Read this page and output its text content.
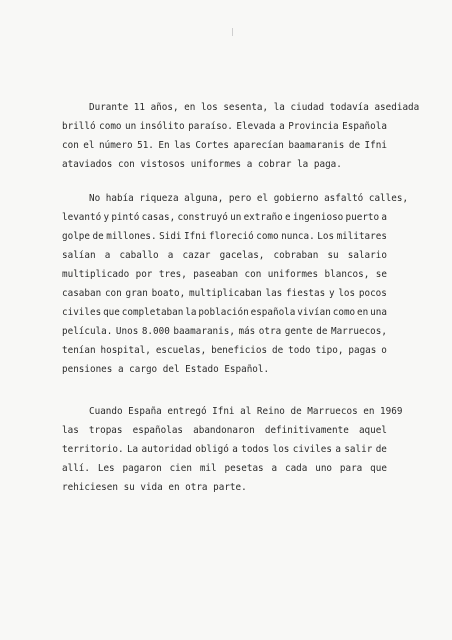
Durante 11 años, en los sesenta, la ciudad todavía asediada
brilló como un insólito paraíso. Elevada a Provincia Española
con el número 51. En las Cortes aparecían baamaranis de Ifni
ataviados con vistosos uniformes a cobrar la paga.
No había riqueza alguna, pero el gobierno asfaltó calles,
levantó y pintó casas, construyó un extraño e ingenioso puerto a
golpe de millones. Sidi Ifni floreció como nunca. Los militares
salían a caballo a cazar gacelas, cobraban su salario
multiplicado por tres, paseaban con uniformes blancos, se
casaban con gran boato, multiplicaban las fiestas y los pocos
civiles que completaban la población española vivían como en una
película. Unos 8.000 baamaranis, más otra gente de Marruecos,
tenían hospital, escuelas, beneficios de todo tipo, pagas o
pensiones a cargo del Estado Español.
Cuando España entregó Ifni al Reino de Marruecos en 1969
las tropas españolas abandonaron definitivamente aquel
territorio. La autoridad obligó a todos los civiles a salir de
allí. Les pagaron cien mil pesetas a cada uno para que
rehiciesen su vida en otra parte.
